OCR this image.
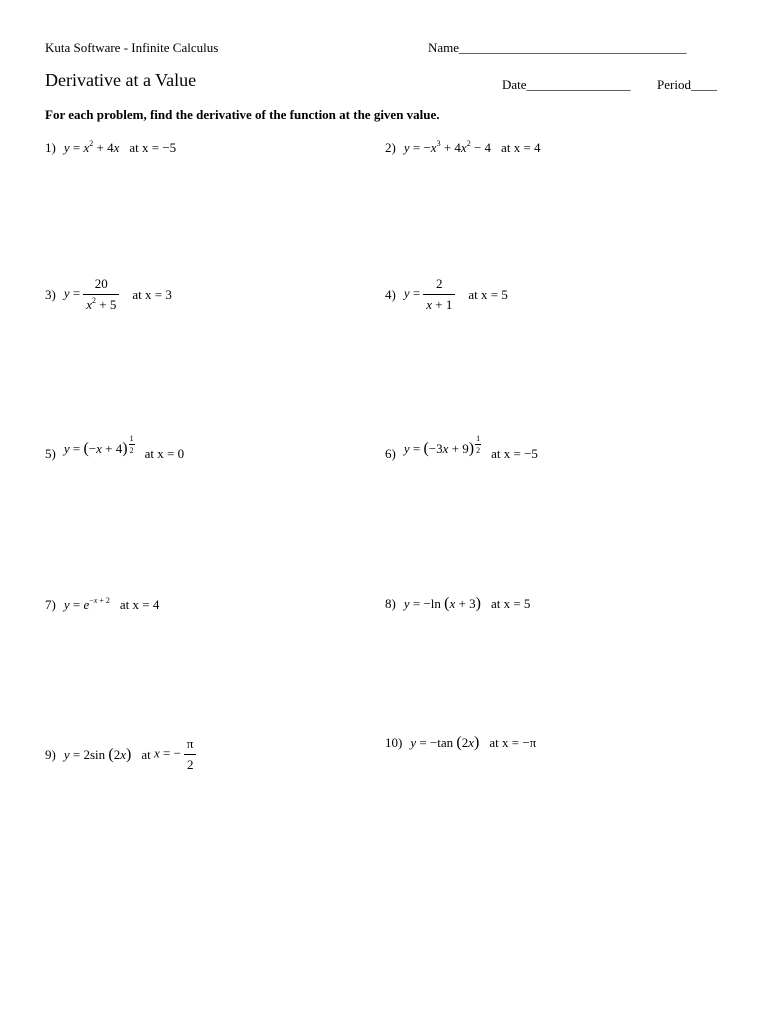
Kuta Software - Infinite Calculus	Name___________________________________
Derivative at a Value	Date________________ Period____
For each problem, find the derivative of the function at the given value.
1) $y = x^2 + 4x$ at
x = −5	2) $y = -x^3 + 4x^2 - 4$ at
x = 4
3) $y = \frac{20}{x^2 + 5}$ at
x = 3	4) $y = \frac{2}{x + 1}$ at
x = 5
5) $y = (-x + 4) \frac{1}{2}$ at
x = 0	6) $y = (-3x + 9) \frac{1}{2}$ at
x = −5
7) $y = e^{-x + 2}$ at
x = 4	8) y = −ln (x + 3) at
x = 5
9) y = 2sin (2x) at
x = − $\frac{\pi}{2}$	10) y = −tan (2x) at
x = −π
